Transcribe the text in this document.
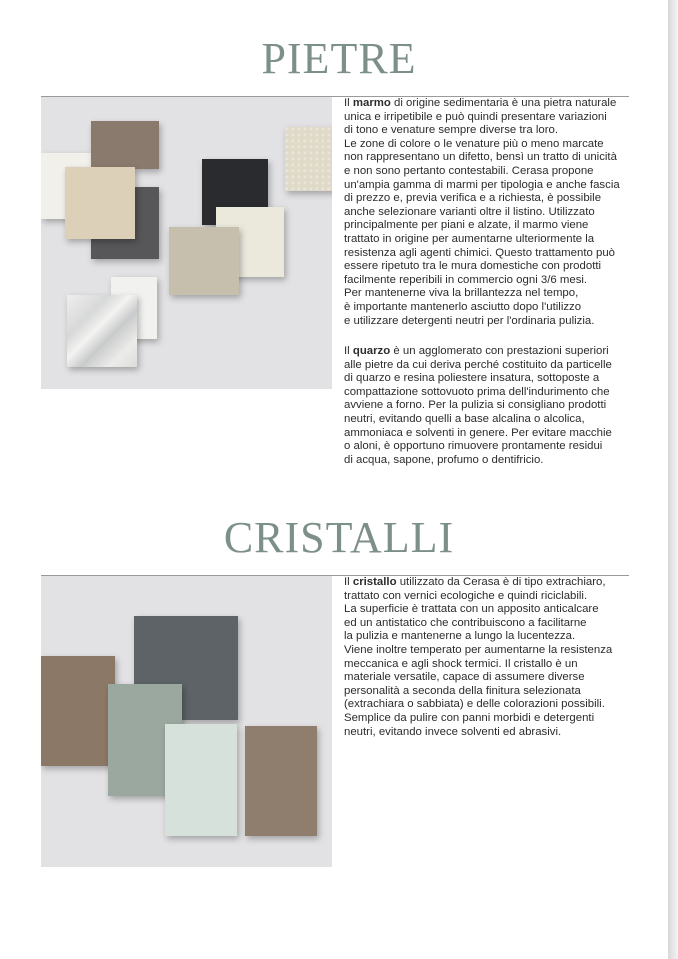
PIETRE

Il marmo di origine sedimentaria è una pietra naturale
unica e irripetibile e può quindi presentare variazioni
di tono e venature sempre diverse tra loro.
Le zone di colore o le venature più o meno marcate
non rappresentano un difetto, bensì un tratto di unicità
e non sono pertanto contestabili. Cerasa propone
un'ampia gamma di marmi per tipologia e anche fascia
di prezzo e, previa verifica e a richiesta, è possibile
anche selezionare varianti oltre il listino. Utilizzato
principalmente per piani e alzate, il marmo viene
trattato in origine per aumentarne ulteriormente la
resistenza agli agenti chimici. Questo trattamento può
essere ripetuto tra le mura domestiche con prodotti
facilmente reperibili in commercio ogni 3/6 mesi.
Per mantenerne viva la brillantezza nel tempo,
è importante mantenerlo asciutto dopo l'utilizzo
e utilizzare detergenti neutri per l'ordinaria pulizia.

Il quarzo è un agglomerato con prestazioni superiori
alle pietre da cui deriva perché costituito da particelle
di quarzo e resina poliestere insatura, sottoposte a
compattazione sottovuoto prima dell'indurimento che
avviene a forno. Per la pulizia si consigliano prodotti
neutri, evitando quelli a base alcalina o alcolica,
ammoniaca e solventi in genere. Per evitare macchie
o aloni, è opportuno rimuovere prontamente residui
di acqua, sapone, profumo o dentifricio.

CRISTALLI

Il cristallo utilizzato da Cerasa è di tipo extrachiaro,
trattato con vernici ecologiche e quindi riciclabili.
La superficie è trattata con un apposito anticalcare
ed un antistatico che contribuiscono a facilitarne
la pulizia e mantenerne a lungo la lucentezza.
Viene inoltre temperato per aumentarne la resistenza
meccanica e agli shock termici. Il cristallo è un
materiale versatile, capace di assumere diverse
personalità a seconda della finitura selezionata
(extrachiara o sabbiata) e delle colorazioni possibili.
Semplice da pulire con panni morbidi e detergenti
neutri, evitando invece solventi ed abrasivi.
